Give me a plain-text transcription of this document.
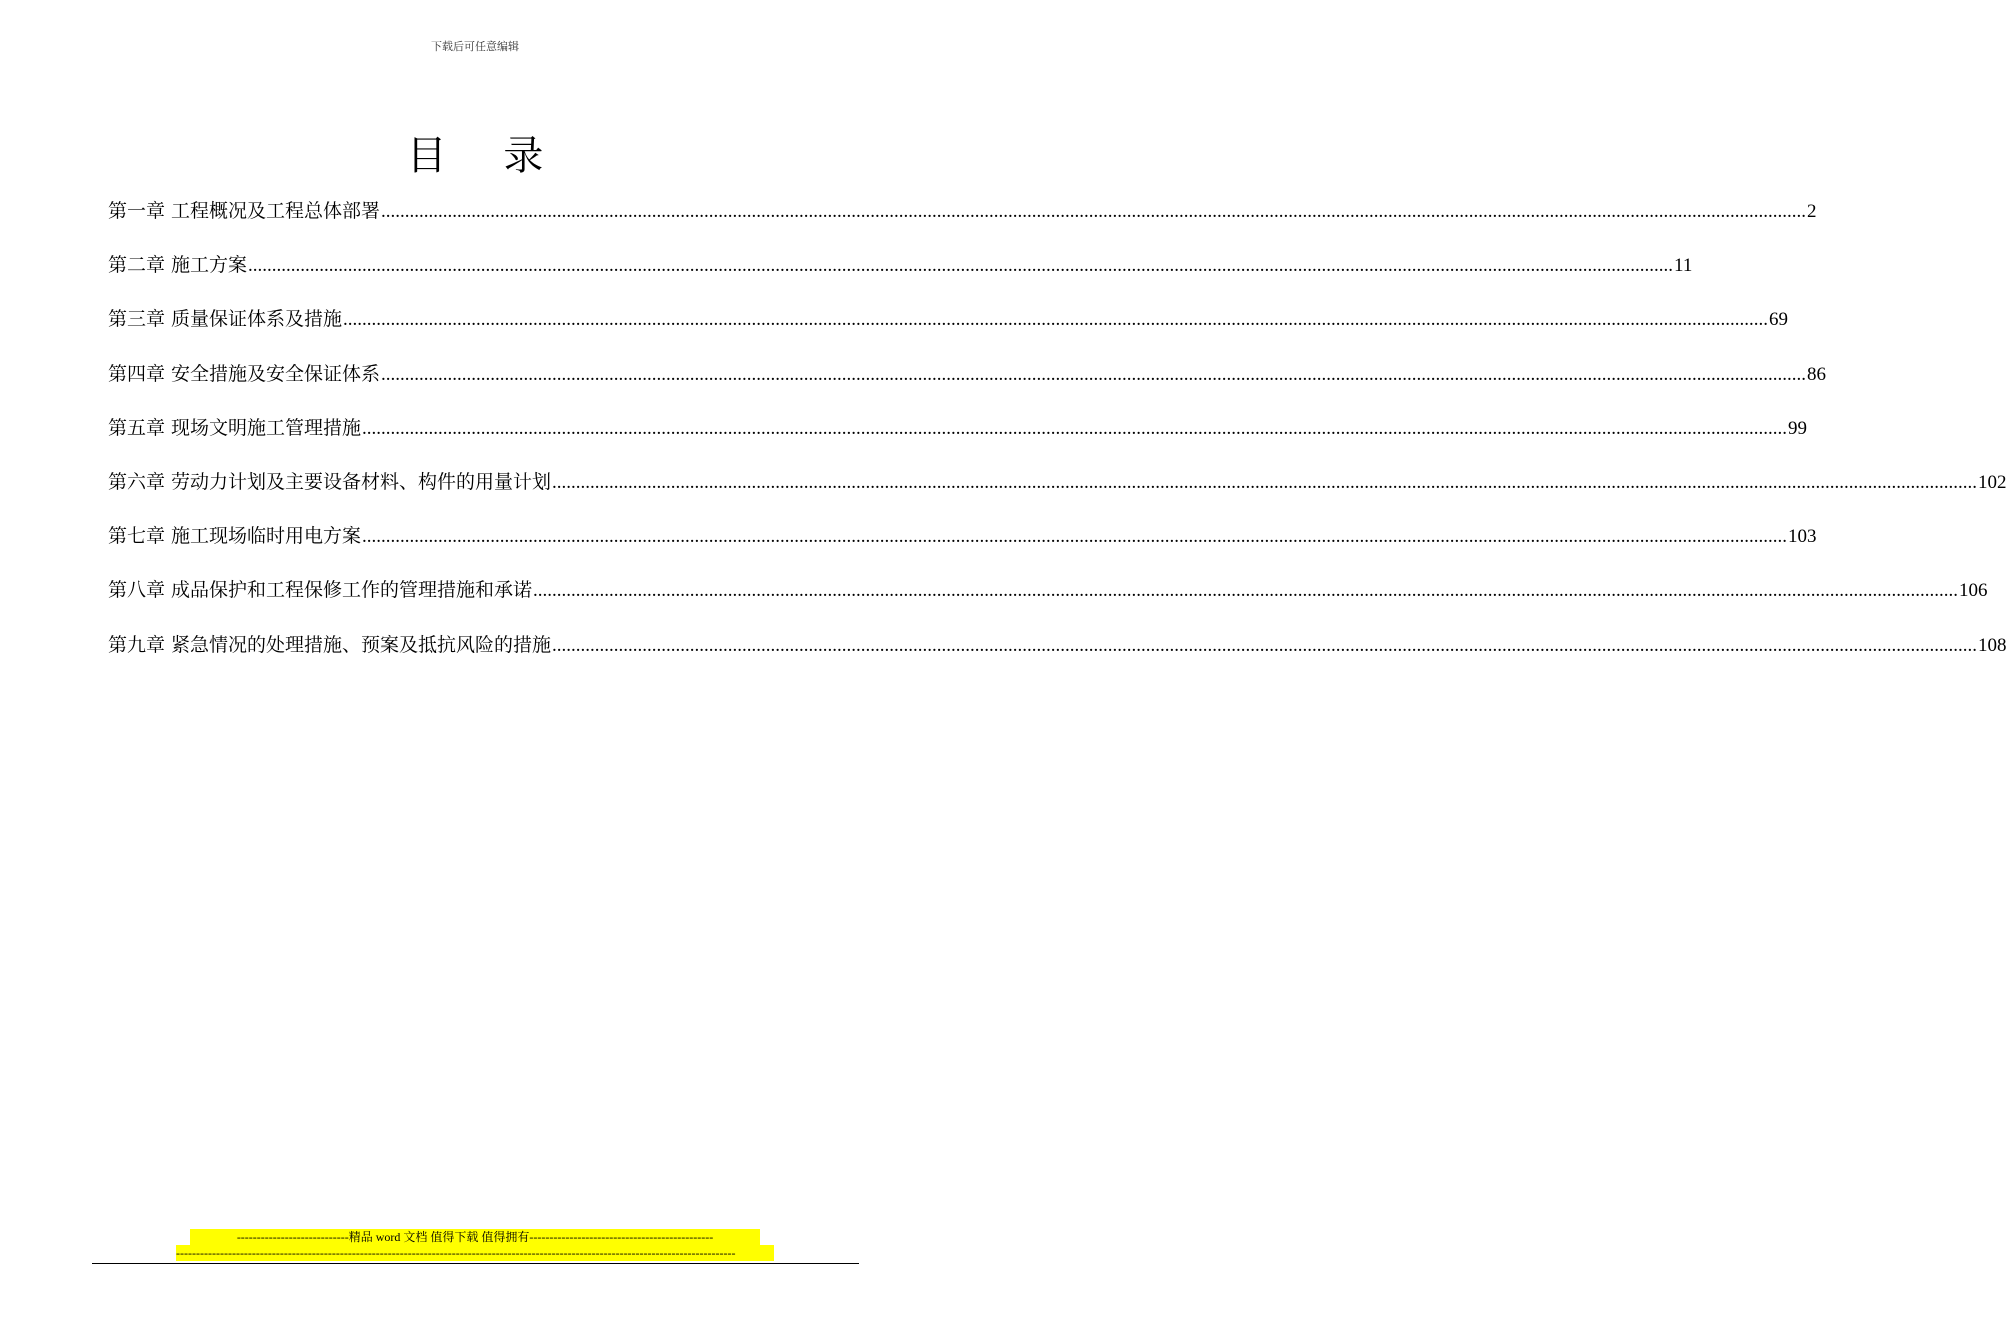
下载后可任意编辑
目 录
第一章 工程概况及工程总体部署 ............................................................................................................................................................................................................................................................................................................ 2
第二章 施工方案 ............................................................................................................................................................................................................................................................................................................ 11
第三章 质量保证体系及措施 ............................................................................................................................................................................................................................................................................................................ 69
第四章 安全措施及安全保证体系 ............................................................................................................................................................................................................................................................................................................ 86
第五章 现场文明施工管理措施 ............................................................................................................................................................................................................................................................................................................ 99
第六章 劳动力计划及主要设备材料、构件的用量计划 ............................................................................................................................................................................................................................................................................................................ 102
第七章 施工现场临时用电方案 ............................................................................................................................................................................................................................................................................................................ 103
第八章 成品保护和工程保修工作的管理措施和承诺 ............................................................................................................................................................................................................................................................................................................ 106
第九章 紧急情况的处理措施、预案及抵抗风险的措施 ............................................................................................................................................................................................................................................................................................................ 108
----------------------------精品 word 文档 值得下载 值得拥有----------------------------------------------
--------------------------------------------------------------------------------------------------------------------------------------------
